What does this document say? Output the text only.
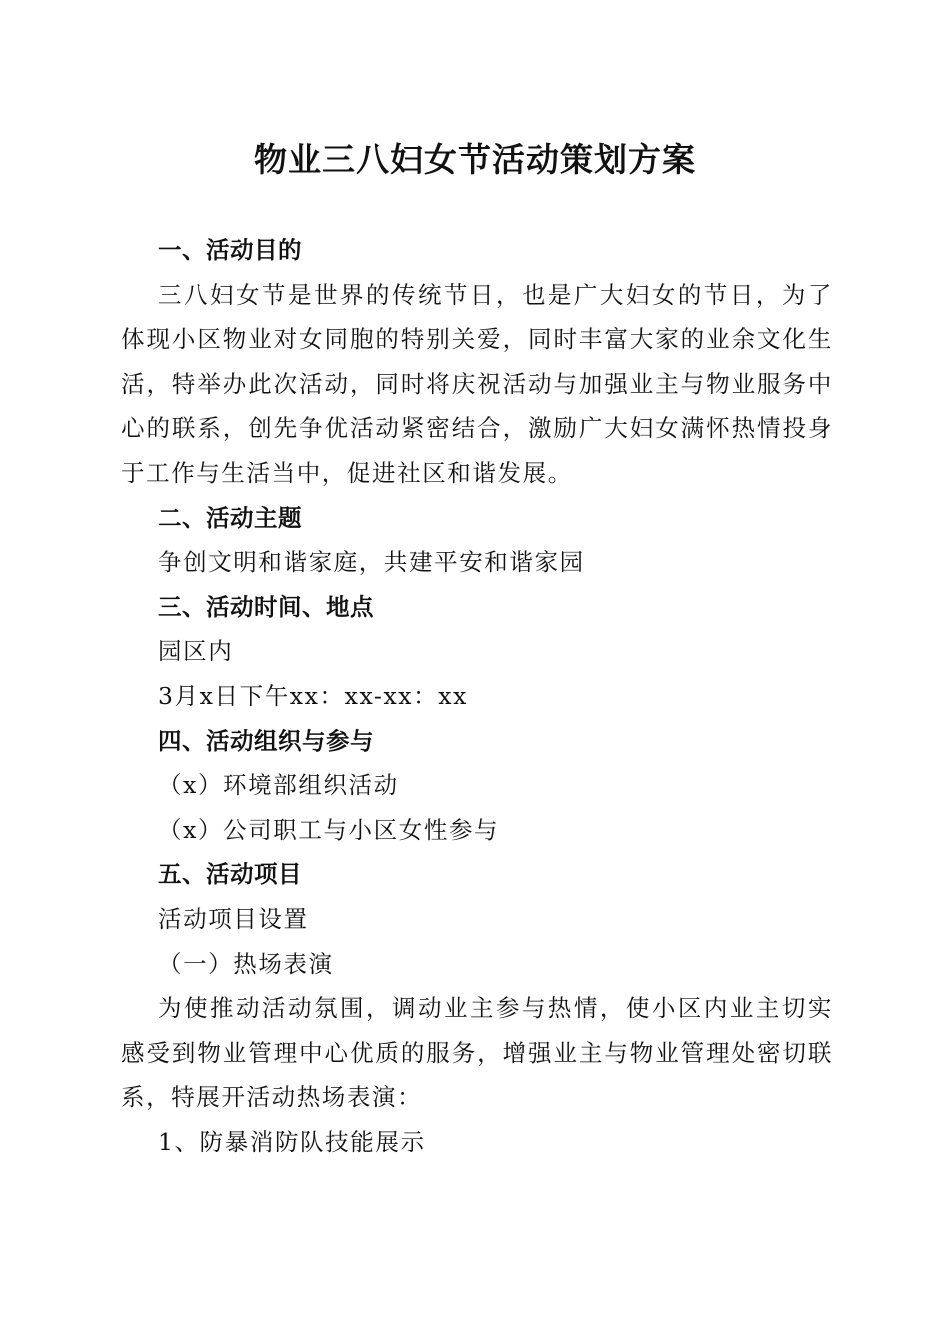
物业三八妇女节活动策划方案

一、活动目的

三八妇女节是世界的传统节日，也是广大妇女的节日，为了体现小区物业对女同胞的特别关爱，同时丰富大家的业余文化生活，特举办此次活动，同时将庆祝活动与加强业主与物业服务中心的联系，创先争优活动紧密结合，激励广大妇女满怀热情投身于工作与生活当中，促进社区和谐发展。

二、活动主题

争创文明和谐家庭，共建平安和谐家园

三、活动时间、地点

园区内

3月x日下午xx：xx-xx：xx

四、活动组织与参与

（x）环境部组织活动

（x）公司职工与小区女性参与

五、活动项目

活动项目设置

（一）热场表演

为使推动活动氛围，调动业主参与热情，使小区内业主切实感受到物业管理中心优质的服务，增强业主与物业管理处密切联系，特展开活动热场表演：

1、防暴消防队技能展示
